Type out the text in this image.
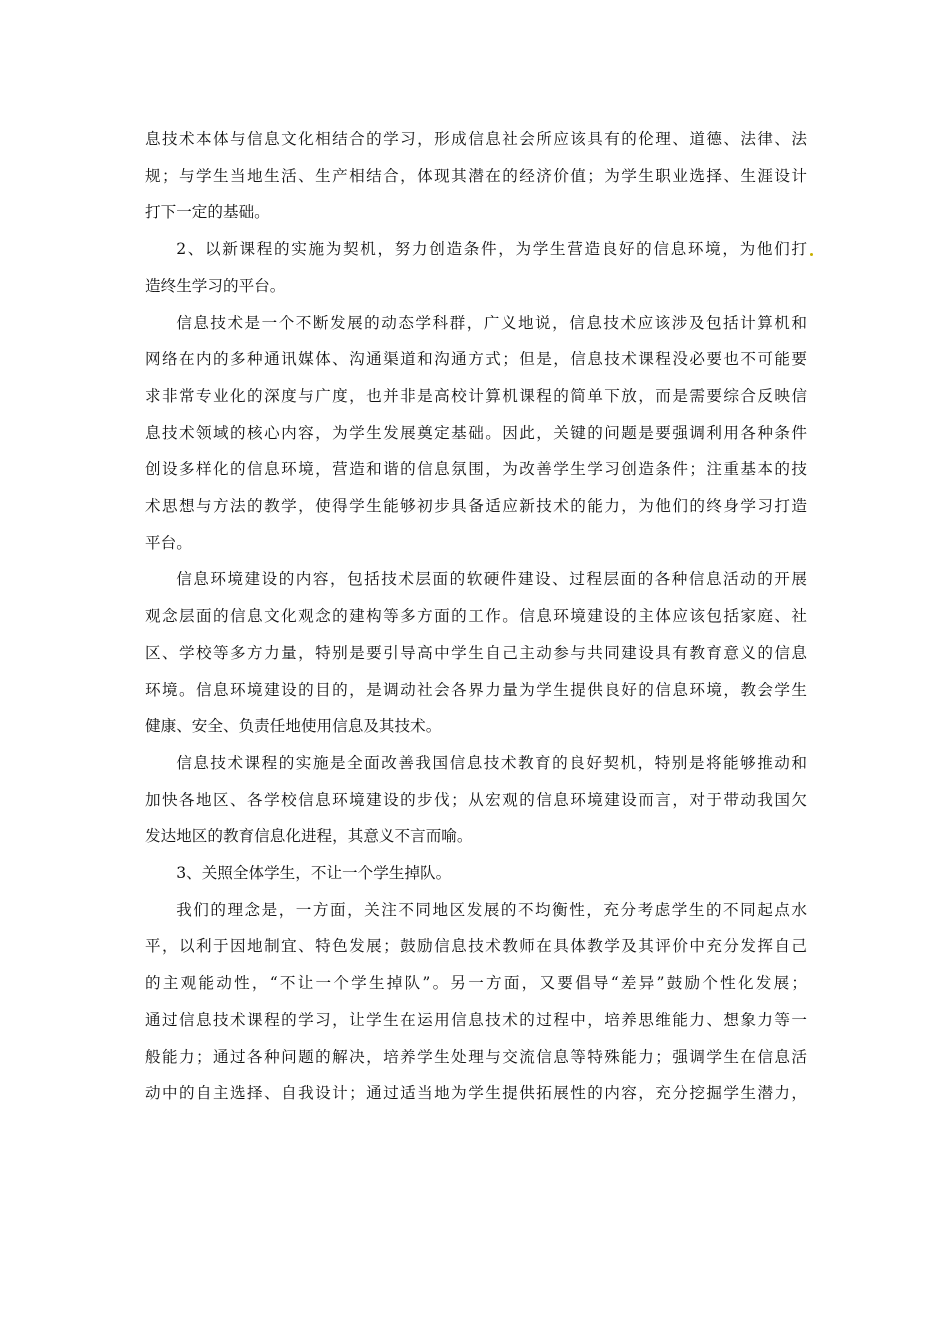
息技术本体与信息文化相结合的学习，形成信息社会所应该具有的伦理、道德、法律、法
规；与学生当地生活、生产相结合，体现其潜在的经济价值；为学生职业选择、生涯设计
打下一定的基础。

2、以新课程的实施为契机，努力创造条件，为学生营造良好的信息环境，为他们打
造终生学习的平台。

信息技术是一个不断发展的动态学科群，广义地说，信息技术应该涉及包括计算机和
网络在内的多种通讯媒体、沟通渠道和沟通方式；但是，信息技术课程没必要也不可能要
求非常专业化的深度与广度，也并非是高校计算机课程的简单下放，而是需要综合反映信
息技术领域的核心内容，为学生发展奠定基础。因此，关键的问题是要强调利用各种条件
创设多样化的信息环境，营造和谐的信息氛围，为改善学生学习创造条件；注重基本的技
术思想与方法的教学，使得学生能够初步具备适应新技术的能力，为他们的终身学习打造
平台。

信息环境建设的内容，包括技术层面的软硬件建设、过程层面的各种信息活动的开展
观念层面的信息文化观念的建构等多方面的工作。信息环境建设的主体应该包括家庭、社
区、学校等多方力量，特别是要引导高中学生自己主动参与共同建设具有教育意义的信息
环境。信息环境建设的目的，是调动社会各界力量为学生提供良好的信息环境，教会学生
健康、安全、负责任地使用信息及其技术。

信息技术课程的实施是全面改善我国信息技术教育的良好契机，特别是将能够推动和
加快各地区、各学校信息环境建设的步伐；从宏观的信息环境建设而言，对于带动我国欠
发达地区的教育信息化进程，其意义不言而喻。

3、关照全体学生，不让一个学生掉队。

我们的理念是，一方面，关注不同地区发展的不均衡性，充分考虑学生的不同起点水
平，以利于因地制宜、特色发展；鼓励信息技术教师在具体教学及其评价中充分发挥自己
的主观能动性，“不让一个学生掉队”。另一方面，又要倡导“差异”鼓励个性化发展；
通过信息技术课程的学习，让学生在运用信息技术的过程中，培养思维能力、想象力等一
般能力；通过各种问题的解决，培养学生处理与交流信息等特殊能力；强调学生在信息活
动中的自主选择、自我设计；通过适当地为学生提供拓展性的内容，充分挖掘学生潜力，
